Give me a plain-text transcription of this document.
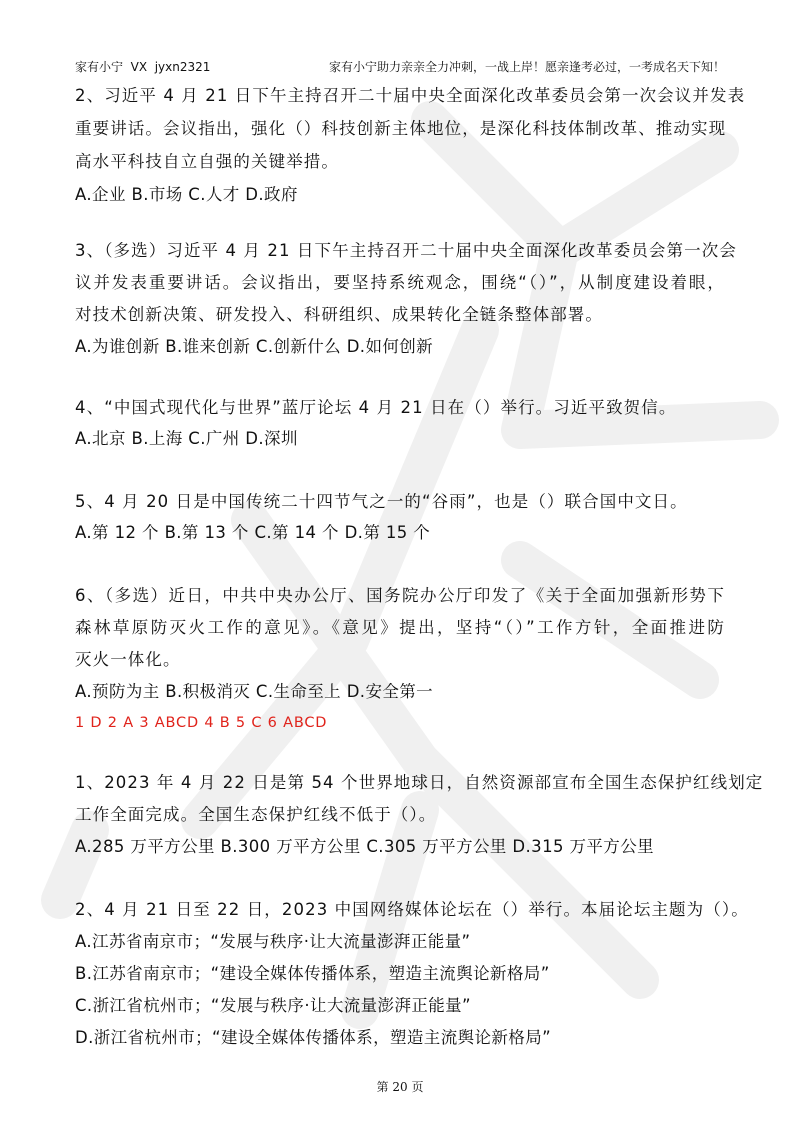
家有小宁  VX  jyxn2321	家有小宁助力亲亲全力冲刺，一战上岸！愿亲逢考必过，一考成名天下知！
2、习近平 4 月 21 日下午主持召开二十届中央全面深化改革委员会第一次会议并发表
重要讲话。会议指出，强化（）科技创新主体地位，是深化科技体制改革、推动实现
高水平科技自立自强的关键举措。
A.企业 B.市场 C.人才 D.政府
3、（多选）习近平 4 月 21 日下午主持召开二十届中央全面深化改革委员会第一次会
议并发表重要讲话。会议指出，要坚持系统观念，围绕“（）”，从制度建设着眼，
对技术创新决策、研发投入、科研组织、成果转化全链条整体部署。
A.为谁创新 B.谁来创新 C.创新什么 D.如何创新
4、“中国式现代化与世界”蓝厅论坛 4 月 21 日在（）举行。习近平致贺信。
A.北京 B.上海 C.广州 D.深圳
5、4 月 20 日是中国传统二十四节气之一的“谷雨”，也是（）联合国中文日。
A.第 12 个 B.第 13 个 C.第 14 个 D.第 15 个
6、（多选）近日，中共中央办公厅、国务院办公厅印发了《关于全面加强新形势下
森林草原防灭火工作的意见》。《意见》提出，坚持“（）”工作方针，全面推进防
灭火一体化。
A.预防为主 B.积极消灭 C.生命至上 D.安全第一
1 D 2 A 3 ABCD 4 B 5 C 6 ABCD
1、2023 年 4 月 22 日是第 54 个世界地球日，自然资源部宣布全国生态保护红线划定
工作全面完成。全国生态保护红线不低于（）。
A.285 万平方公里 B.300 万平方公里 C.305 万平方公里 D.315 万平方公里
2、4 月 21 日至 22 日，2023 中国网络媒体论坛在（）举行。本届论坛主题为（）。
A.江苏省南京市；“发展与秩序·让大流量澎湃正能量”
B.江苏省南京市；“建设全媒体传播体系，塑造主流舆论新格局”
C.浙江省杭州市；“发展与秩序·让大流量澎湃正能量”
D.浙江省杭州市；“建设全媒体传播体系，塑造主流舆论新格局”
第 20 页
